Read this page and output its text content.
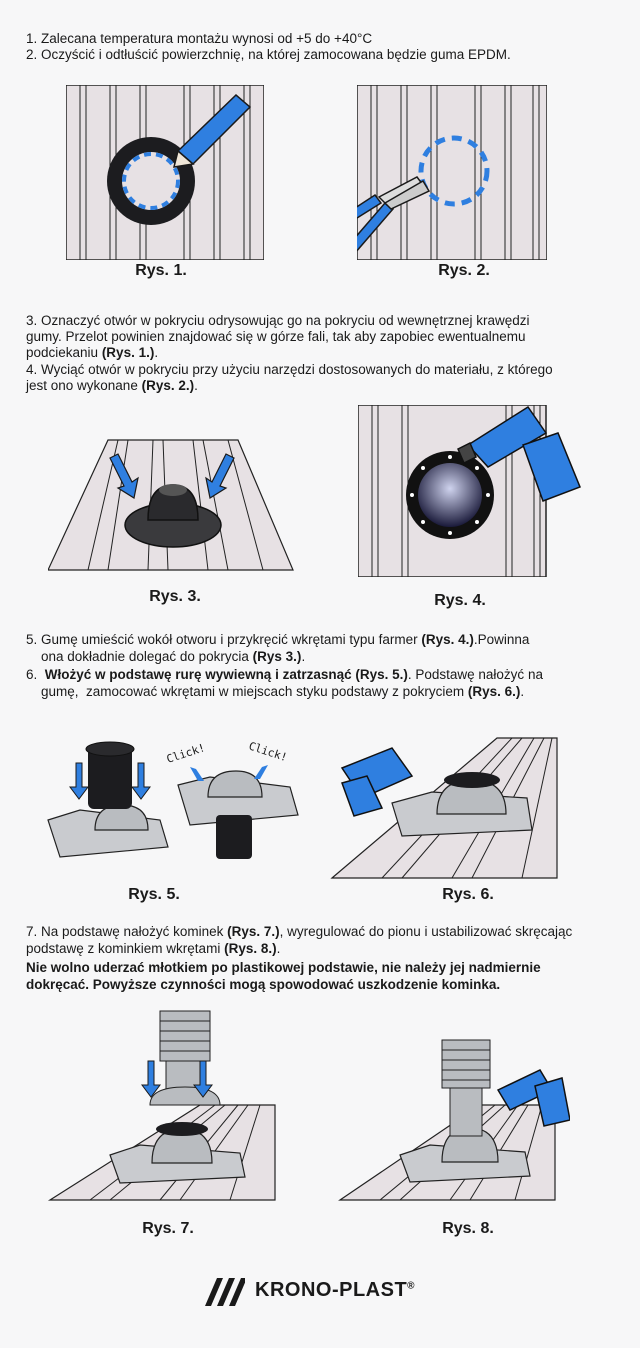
1. Zalecana temperatura montażu wynosi od +5 do +40°C
2. Oczyścić i odtłuścić powierzchnię, na której zamocowana będzie guma EPDM.
Rys. 1.	Rys. 2.
3. Oznaczyć otwór w pokryciu odrysowując go na pokryciu od wewnętrznej krawędzi
gumy. Przelot powinien znajdować się w górze fali, tak aby zapobiec ewentualnemu
podciekaniu (Rys. 1.).
4. Wyciąć otwór w pokryciu przy użyciu narzędzi dostosowanych do materiału, z którego
jest ono wykonane (Rys. 2.).
Rys. 3.	Rys. 4.
5. Gumę umieścić wokół otworu i przykręcić wkrętami typu farmer (Rys. 4.).Powinna
ona dokładnie dolegać do pokrycia (Rys 3.).
6.  Włożyć w podstawę rurę wywiewną i zatrzasnąć (Rys. 5.). Podstawę nałożyć na
gumę,  zamocować wkrętami w miejscach styku podstawy z pokryciem (Rys. 6.).
Click!	Click!
Rys. 5.	Rys. 6.
7. Na podstawę nałożyć kominek (Rys. 7.), wyregulować do pionu i ustabilizować skręcając
podstawę z kominkiem wkrętami (Rys. 8.).
Nie wolno uderzać młotkiem po plastikowej podstawie, nie należy jej nadmiernie
dokręcać. Powyższe czynności mogą spowodować uszkodzenie kominka.
Rys. 7.	Rys. 8.
KRONO-PLAST®
